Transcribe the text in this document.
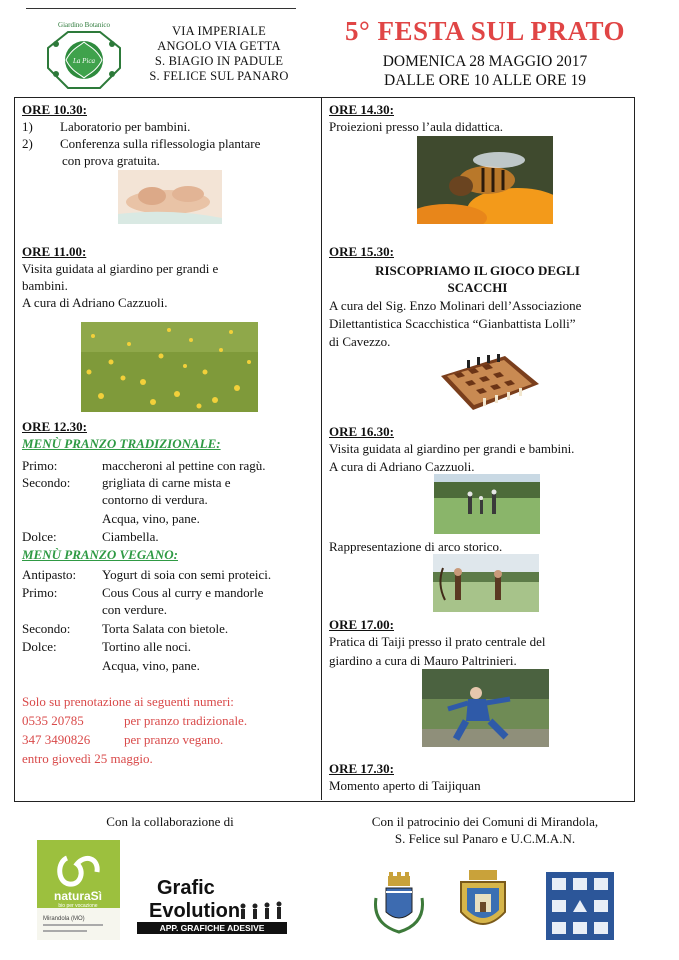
Giardino Botanico
La Pica
VIA IMPERIALE
ANGOLO VIA GETTA
S. BIAGIO IN PADULE
S. FELICE SUL PANARO
5° FESTA SUL PRATO
DOMENICA 28 MAGGIO 2017
DALLE ORE 10 ALLE ORE 19
ORE 10.30:
1) Laboratorio per bambini.
2) Conferenza sulla riflessologia plantare
con prova gratuita.
ORE 11.00:
Visita guidata al giardino per grandi e
bambini.
A cura di Adriano Cazzuoli.
ORE 12.30:
MENÙ PRANZO TRADIZIONALE:
Primo:	maccheroni al pettine con ragù.
Secondo: grigliata di carne mista e
contorno di verdura.
Acqua, vino, pane.
Dolce:	Ciambella.
MENÙ PRANZO VEGANO:
Antipasto: Yogurt di soia con semi proteici.
Primo:	Cous Cous al curry e mandorle
con verdure.
Secondo: Torta Salata con bietole.
Dolce:	Tortino alle noci.
Acqua, vino, pane.
Solo su prenotazione ai seguenti numeri:
0535 20785	per pranzo tradizionale.
347 3490826	per pranzo vegano.
entro giovedì 25 maggio.
ORE 14.30:
Proiezioni presso l’aula didattica.
ORE 15.30:
RISCOPRIAMO IL GIOCO DEGLI
SCACCHI
A cura del Sig. Enzo Molinari dell’Associazione
Dilettantistica Scacchistica “Gianbattista Lolli”
di Cavezzo.
ORE 16.30:
Visita guidata al giardino per grandi e bambini.
A cura di Adriano Cazzuoli.
Rappresentazione di arco storico.
ORE 17.00:
Pratica di Taiji presso il prato centrale del
giardino a cura di Mauro Paltrinieri.
ORE 17.30:
Momento aperto di Taijiquan
Con la collaborazione di	Con il patrocinio dei Comuni di Mirandola,
S. Felice sul Panaro e U.C.M.A.N.
naturaSì
bio per vocazione
Mirandola (MO)
Grafic
Evolution
APP. GRAFICHE ADESIVE
